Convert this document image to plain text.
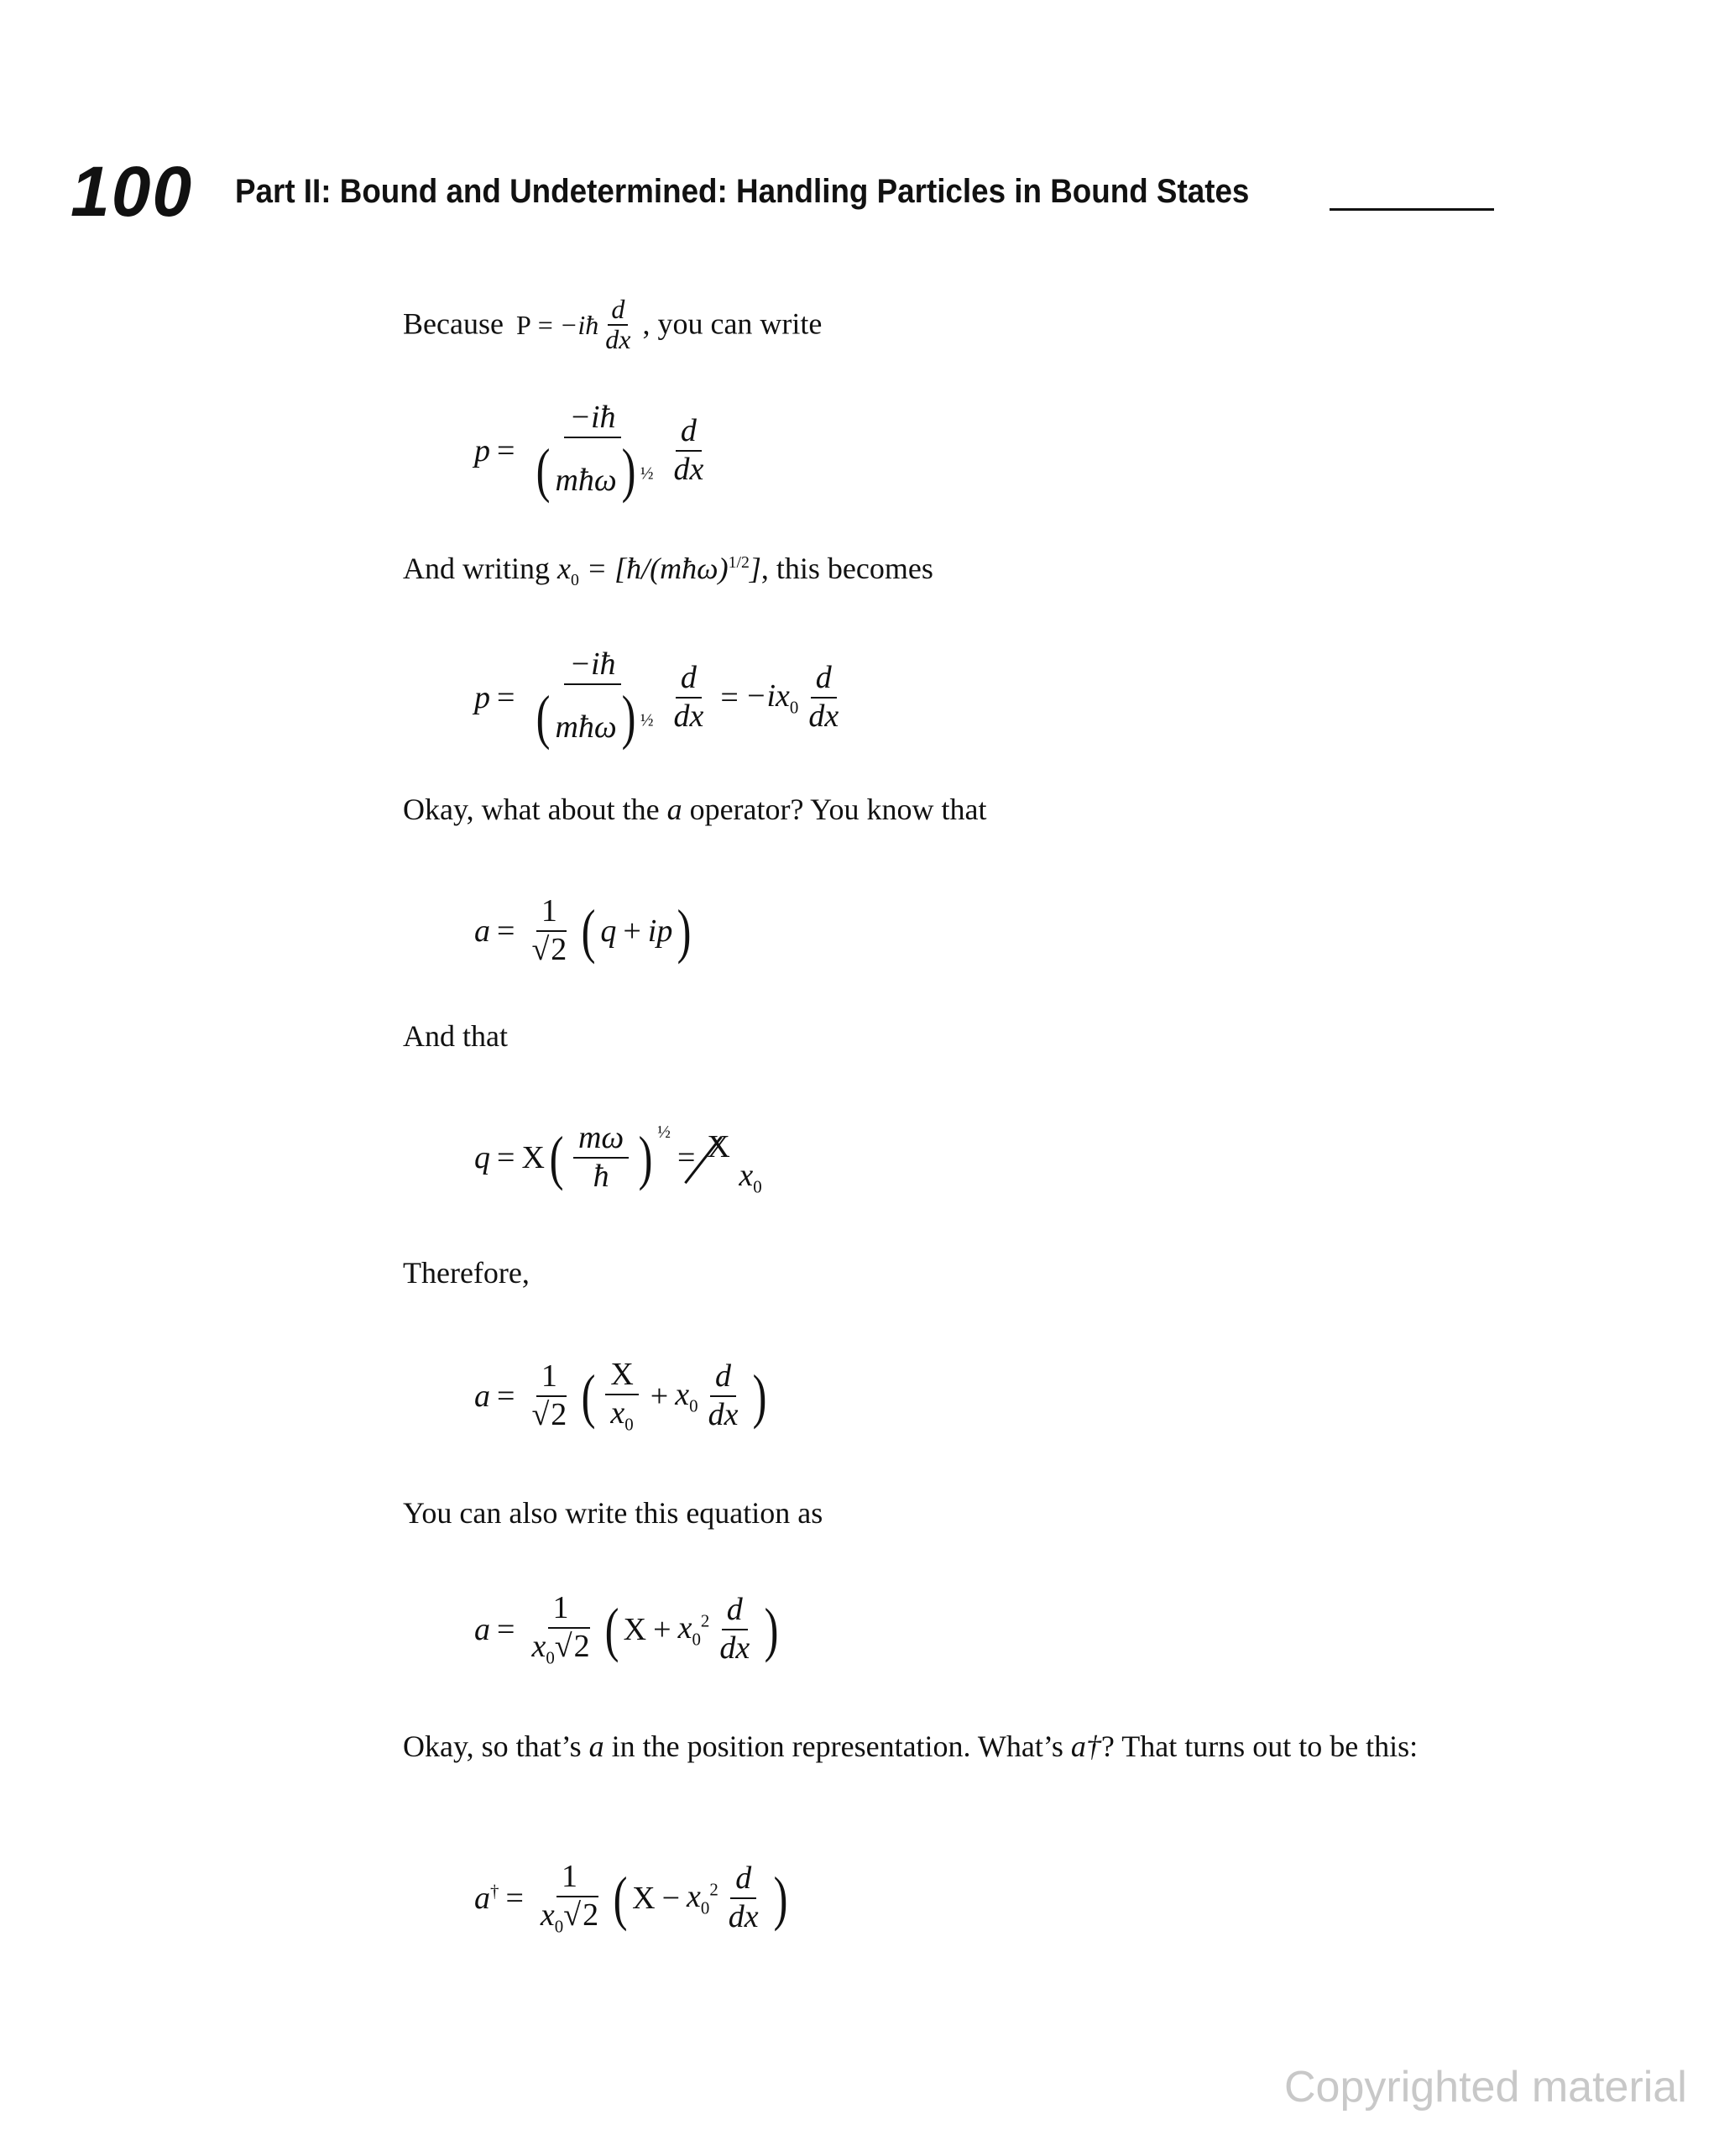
100 Part II: Bound and Undetermined: Handling Particles in Bound States
Because P = −iħ $\frac{d}{dx}$ , you can write
$p = \frac{-iħ}{( mħ\omega) ^{\frac{1}{2}}} \frac{d}{dx}$
And writing $x_0$ = [ħ/(mħω)$^{1/2}$], this becomes
$p = \frac{-iħ}{( mħ\omega) ^{\frac{1}{2}}} \frac{d}{dx} = -ix_0 \frac{d}{dx}$
Okay, what about the a operator? You know that
$a = \frac{1}{√2}$ ( q + ip )
And that
q = X ( $\frac{m\omega}{ħ}$ ) $^{\frac{1}{2}}$
= X
$x_0$
Therefore,
$a = \frac{1}{√2}$ ( $\frac{X}{x_0} + x_0 \frac{d}{dx}$ )
You can also write this equation as
$a = \frac{1}{x_0√2}$ ( $X + x_0^2 \frac{d}{dx}$ )
Okay, so that’s a in the position representation. What’s a†? That turns out to be this:
$a^\dagger = \frac{1}{x_0√2}$ ( $X - x_0^2 \frac{d}{dx}$ )
Copyrighted material
